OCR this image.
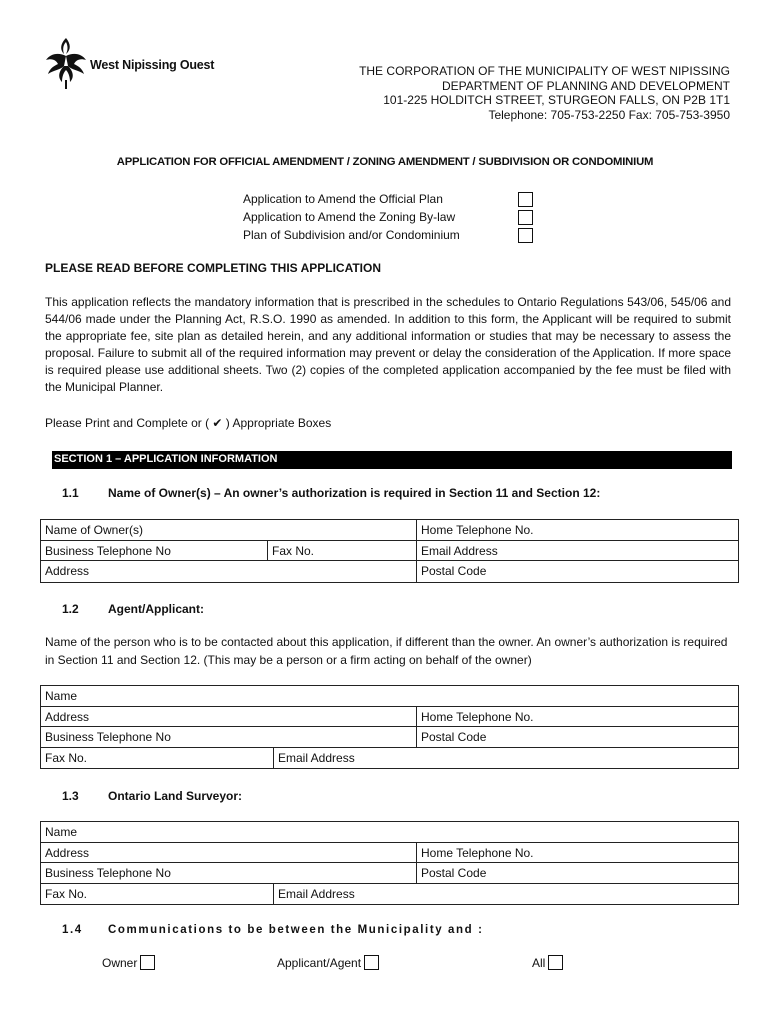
West Nipissing Ouest	THE CORPORATION OF THE MUNICIPALITY OF WEST NIPISSING
DEPARTMENT OF PLANNING AND DEVELOPMENT
101-225 HOLDITCH STREET, STURGEON FALLS, ON P2B 1T1
Telephone: 705-753-2250 Fax: 705-753-3950
APPLICATION FOR OFFICIAL AMENDMENT / ZONING AMENDMENT / SUBDIVISION OR CONDOMINIUM
Application to Amend the Official Plan
Application to Amend the Zoning By-law
Plan of Subdivision and/or Condominium
PLEASE READ BEFORE COMPLETING THIS APPLICATION
This application reflects the mandatory information that is prescribed in the schedules to Ontario Regulations 543/06, 545/06 and 544/06 made under the Planning Act, R.S.O. 1990 as amended. In addition to this form, the Applicant will be required to submit the appropriate fee, site plan as detailed herein, and any additional information or studies that may be necessary to assess the proposal. Failure to submit all of the required information may prevent or delay the consideration of the Application. If more space is required please use additional sheets. Two (2) copies of the completed application accompanied by the fee must be filed with the Municipal Planner.
Please Print and Complete or ( ✔ ) Appropriate Boxes
SECTION 1 – APPLICATION INFORMATION
1.1	Name of Owner(s) – An owner’s authorization is required in Section 11 and Section 12:
Name of Owner(s)	Home Telephone No.
Business Telephone No	Fax No.	Email Address
Address	Postal Code
1.2	Agent/Applicant:
Name of the person who is to be contacted about this application, if different than the owner. An owner’s authorization is required in Section 11 and Section 12. (This may be a person or a firm acting on behalf of the owner)
Name
Address	Home Telephone No.
Business Telephone No	Postal Code
Fax No.	Email Address
1.3	Ontario Land Surveyor:
Name
Address	Home Telephone No.
Business Telephone No	Postal Code
Fax No.	Email Address
1.4	Communications to be between the Municipality and :
Owner	Applicant/Agent	All
